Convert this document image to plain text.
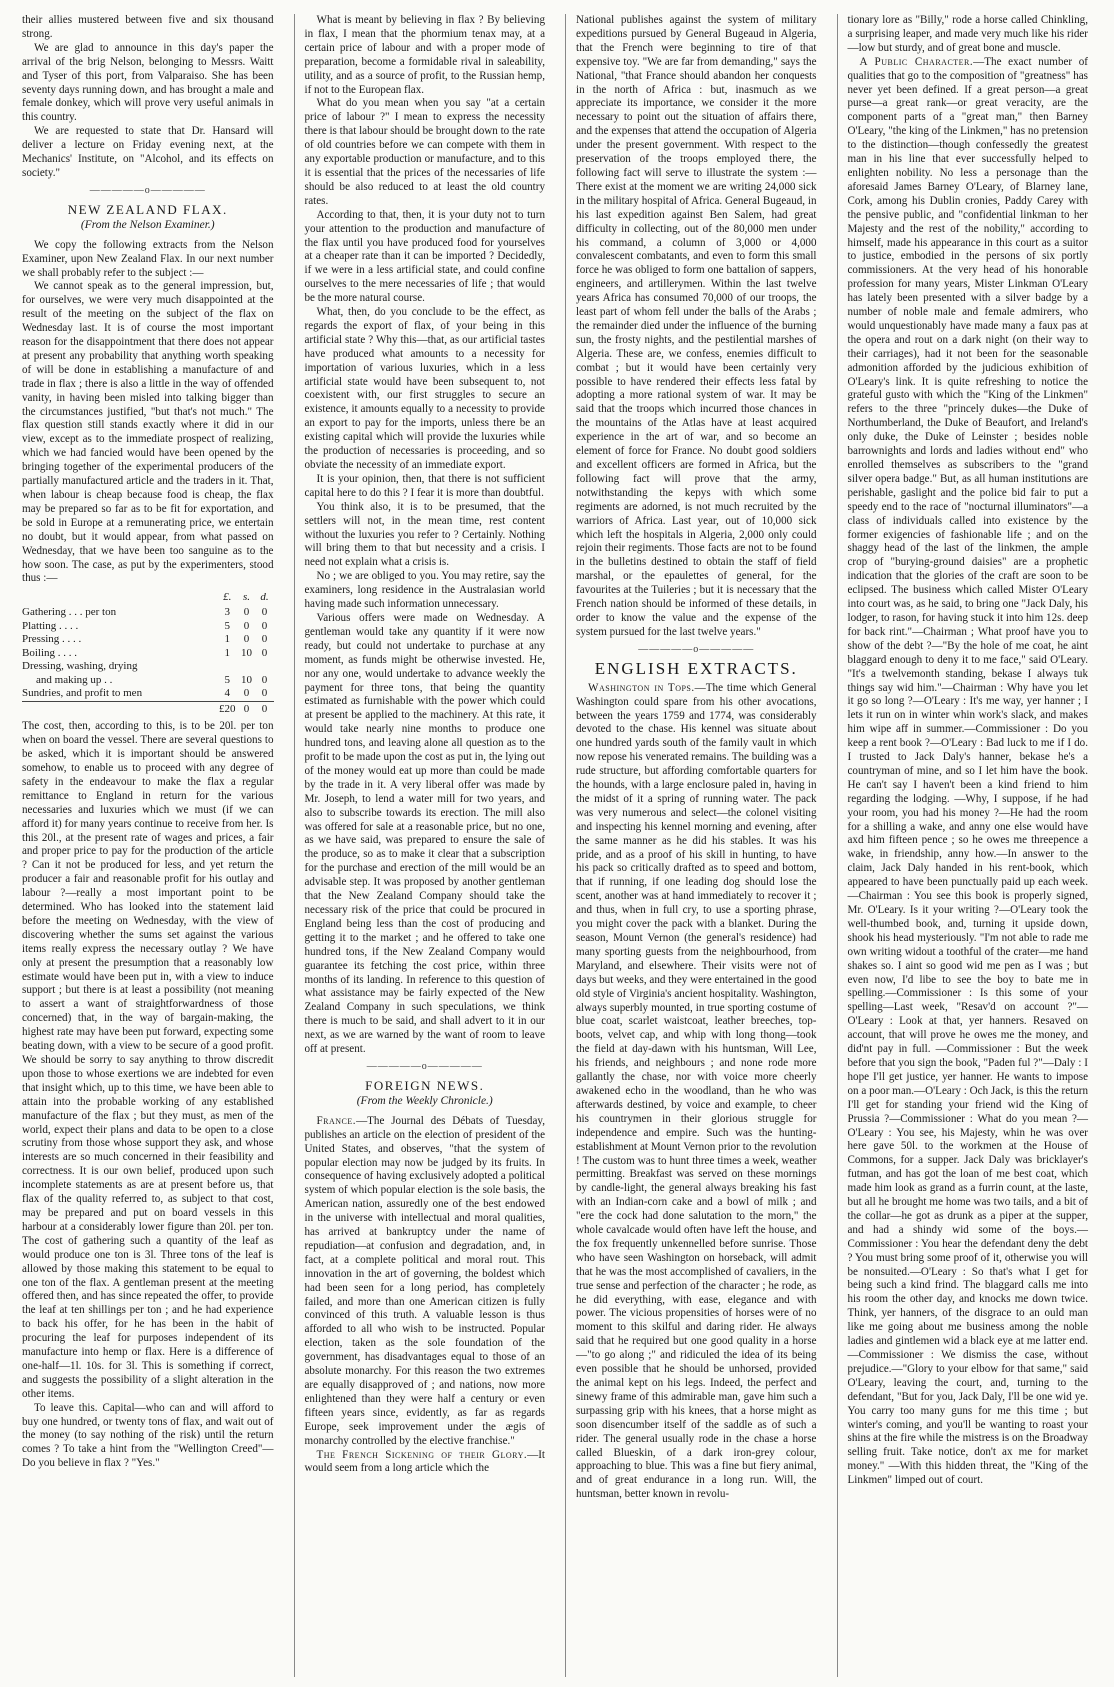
their allies mustered between five and six thousand strong.

We are glad to announce in this day's paper the arrival of the brig Nelson, belonging to Messrs. Waitt and Tyser of this port, from Valparaiso. She has been seventy days running down, and has brought a male and female donkey, which will prove very useful animals in this country.

We are requested to state that Dr. Hansard will deliver a lecture on Friday evening next, at the Mechanics' Institute, on "Alcohol, and its effects on society."

—————o—————
NEW ZEALAND FLAX.
(From the Nelson Examiner.)

We copy the following extracts from the Nelson Examiner, upon New Zealand Flax. In our next number we shall probably refer to the subject :—

We cannot speak as to the general impression, but, for ourselves, we were very much disappointed at the result of the meeting on the subject of the flax on Wednesday last. It is of course the most important reason for the disappointment that there does not appear at present any probability that anything worth speaking of will be done in establishing a manufacture of and trade in flax ; there is also a little in the way of offended vanity, in having been misled into talking bigger than the circumstances justified, "but that's not much." The flax question still stands exactly where it did in our view, except as to the immediate prospect of realizing, which we had fancied would have been opened by the bringing together of the experimental producers of the partially manufactured article and the traders in it. That, when labour is cheap because food is cheap, the flax may be prepared so far as to be fit for exportation, and be sold in Europe at a remunerating price, we entertain no doubt, but it would appear, from what passed on Wednesday, that we have been too sanguine as to the how soon. The case, as put by the experimenters, stood thus :—

	£.	s.	d.
Gathering . . . per ton	3	0	0
Platting . . . .	5	0	0
Pressing . . . .	1	0	0
Boiling . . . .	1	10	0
Dressing, washing, drying			
and making up . .	5	10	0
Sundries, and profit to men	4	0	0
	£20	0	0

The cost, then, according to this, is to be 20l. per ton when on board the vessel. There are several questions to be asked, which it is important should be answered somehow, to enable us to proceed with any degree of safety in the endeavour to make the flax a regular remittance to England in return for the various necessaries and luxuries which we must (if we can afford it) for many years continue to receive from her. Is this 20l., at the present rate of wages and prices, a fair and proper price to pay for the production of the article ? Can it not be produced for less, and yet return the producer a fair and reasonable profit for his outlay and labour ?—really a most important point to be determined. Who has looked into the statement laid before the meeting on Wednesday, with the view of discovering whether the sums set against the various items really express the necessary outlay ? We have only at present the presumption that a reasonably low estimate would have been put in, with a view to induce support ; but there is at least a possibility (not meaning to assert a want of straightforwardness of those concerned) that, in the way of bargain-making, the highest rate may have been put forward, expecting some beating down, with a view to be secure of a good profit. We should be sorry to say anything to throw discredit upon those to whose exertions we are indebted for even that insight which, up to this time, we have been able to attain into the probable working of any established manufacture of the flax ; but they must, as men of the world, expect their plans and data to be open to a close scrutiny from those whose support they ask, and whose interests are so much concerned in their feasibility and correctness. It is our own belief, produced upon such incomplete statements as are at present before us, that flax of the quality referred to, as subject to that cost, may be prepared and put on board vessels in this harbour at a considerably lower figure than 20l. per ton. The cost of gathering such a quantity of the leaf as would produce one ton is 3l. Three tons of the leaf is allowed by those making this statement to be equal to one ton of the flax. A gentleman present at the meeting offered then, and has since repeated the offer, to provide the leaf at ten shillings per ton ; and he had experience to back his offer, for he has been in the habit of procuring the leaf for purposes independent of its manufacture into hemp or flax. Here is a difference of one-half—1l. 10s. for 3l. This is something if correct, and suggests the possibility of a slight alteration in the other items.

To leave this. Capital—who can and will afford to buy one hundred, or twenty tons of flax, and wait out of the money (to say nothing of the risk) until the return comes ? To take a hint from the "Wellington Creed"—Do you believe in flax ? "Yes."

What is meant by believing in flax ? By believing in flax, I mean that the phormium tenax may, at a certain price of labour and with a proper mode of preparation, become a formidable rival in saleability, utility, and as a source of profit, to the Russian hemp, if not to the European flax.

What do you mean when you say "at a certain price of labour ?" I mean to express the necessity there is that labour should be brought down to the rate of old countries before we can compete with them in any exportable production or manufacture, and to this it is essential that the prices of the necessaries of life should be also reduced to at least the old country rates.

According to that, then, it is your duty not to turn your attention to the production and manufacture of the flax until you have produced food for yourselves at a cheaper rate than it can be imported ? Decidedly, if we were in a less artificial state, and could confine ourselves to the mere necessaries of life ; that would be the more natural course.

What, then, do you conclude to be the effect, as regards the export of flax, of your being in this artificial state ? Why this—that, as our artificial tastes have produced what amounts to a necessity for importation of various luxuries, which in a less artificial state would have been subsequent to, not coexistent with, our first struggles to secure an existence, it amounts equally to a necessity to provide an export to pay for the imports, unless there be an existing capital which will provide the luxuries while the production of necessaries is proceeding, and so obviate the necessity of an immediate export.

It is your opinion, then, that there is not sufficient capital here to do this ? I fear it is more than doubtful.

You think also, it is to be presumed, that the settlers will not, in the mean time, rest content without the luxuries you refer to ? Certainly. Nothing will bring them to that but necessity and a crisis. I need not explain what a crisis is.

No ; we are obliged to you. You may retire, say the examiners, long residence in the Australasian world having made such information unnecessary.

Various offers were made on Wednesday. A gentleman would take any quantity if it were now ready, but could not undertake to purchase at any moment, as funds might be otherwise invested. He, nor any one, would undertake to advance weekly the payment for three tons, that being the quantity estimated as furnishable with the power which could at present be applied to the machinery. At this rate, it would take nearly nine months to produce one hundred tons, and leaving alone all question as to the profit to be made upon the cost as put in, the lying out of the money would eat up more than could be made by the trade in it. A very liberal offer was made by Mr. Joseph, to lend a water mill for two years, and also to subscribe towards its erection. The mill also was offered for sale at a reasonable price, but no one, as we have said, was prepared to ensure the sale of the produce, so as to make it clear that a subscription for the purchase and erection of the mill would be an advisable step. It was proposed by another gentleman that the New Zealand Company should take the necessary risk of the price that could be procured in England being less than the cost of producing and getting it to the market ; and he offered to take one hundred tons, if the New Zealand Company would guarantee its fetching the cost price, within three months of its landing. In reference to this question of what assistance may be fairly expected of the New Zealand Company in such speculations, we think there is much to be said, and shall advert to it in our next, as we are warned by the want of room to leave off at present.

—————o—————
FOREIGN NEWS.
(From the Weekly Chronicle.)

France.—The Journal des Débats of Tuesday, publishes an article on the election of president of the United States, and observes, "that the system of popular election may now be judged by its fruits. In consequence of having exclusively adopted a political system of which popular election is the sole basis, the American nation, assuredly one of the best endowed in the universe with intellectual and moral qualities, has arrived at bankruptcy under the name of repudiation—at confusion and degradation, and, in fact, at a complete political and moral rout. This innovation in the art of governing, the boldest which had been seen for a long period, has completely failed, and more than one American citizen is fully convinced of this truth. A valuable lesson is thus afforded to all who wish to be instructed. Popular election, taken as the sole foundation of the government, has disadvantages equal to those of an absolute monarchy. For this reason the two extremes are equally disapproved of ; and nations, now more enlightened than they were half a century or even fifteen years since, evidently, as far as regards Europe, seek improvement under the ægis of monarchy controlled by the elective franchise."

The French Sickening of their Glory.—It would seem from a long article which the

National publishes against the system of military expeditions pursued by General Bugeaud in Algeria, that the French were beginning to tire of that expensive toy. "We are far from demanding," says the National, "that France should abandon her conquests in the north of Africa : but, inasmuch as we appreciate its importance, we consider it the more necessary to point out the situation of affairs there, and the expenses that attend the occupation of Algeria under the present government. With respect to the preservation of the troops employed there, the following fact will serve to illustrate the system :—There exist at the moment we are writing 24,000 sick in the military hospital of Africa. General Bugeaud, in his last expedition against Ben Salem, had great difficulty in collecting, out of the 80,000 men under his command, a column of 3,000 or 4,000 convalescent combatants, and even to form this small force he was obliged to form one battalion of sappers, engineers, and artillerymen. Within the last twelve years Africa has consumed 70,000 of our troops, the least part of whom fell under the balls of the Arabs ; the remainder died under the influence of the burning sun, the frosty nights, and the pestilential marshes of Algeria. These are, we confess, enemies difficult to combat ; but it would have been certainly very possible to have rendered their effects less fatal by adopting a more rational system of war. It may be said that the troops which incurred those chances in the mountains of the Atlas have at least acquired experience in the art of war, and so become an element of force for France. No doubt good soldiers and excellent officers are formed in Africa, but the following fact will prove that the army, notwithstanding the kepys with which some regiments are adorned, is not much recruited by the warriors of Africa. Last year, out of 10,000 sick which left the hospitals in Algeria, 2,000 only could rejoin their regiments. Those facts are not to be found in the bulletins destined to obtain the staff of field marshal, or the epaulettes of general, for the favourites at the Tuileries ; but it is necessary that the French nation should be informed of these details, in order to know the value and the expense of the system pursued for the last twelve years."

—————o—————
ENGLISH EXTRACTS.

Washington in Tops.—The time which General Washington could spare from his other avocations, between the years 1759 and 1774, was considerably devoted to the chase. His kennel was situate about one hundred yards south of the family vault in which now repose his venerated remains. The building was a rude structure, but affording comfortable quarters for the hounds, with a large enclosure paled in, having in the midst of it a spring of running water. The pack was very numerous and select—the colonel visiting and inspecting his kennel morning and evening, after the same manner as he did his stables. It was his pride, and as a proof of his skill in hunting, to have his pack so critically drafted as to speed and bottom, that if running, if one leading dog should lose the scent, another was at hand immediately to recover it ; and thus, when in full cry, to use a sporting phrase, you might cover the pack with a blanket. During the season, Mount Vernon (the general's residence) had many sporting guests from the neighbourhood, from Maryland, and elsewhere. Their visits were not of days but weeks, and they were entertained in the good old style of Virginia's ancient hospitality. Washington, always superbly mounted, in true sporting costume of blue coat, scarlet waistcoat, leather breeches, top-boots, velvet cap, and whip with long thong—took the field at day-dawn with his huntsman, Will Lee, his friends, and neighbours ; and none rode more gallantly the chase, nor with voice more cheerly awakened echo in the woodland, than he who was afterwards destined, by voice and example, to cheer his countrymen in their glorious struggle for independence and empire. Such was the hunting-establishment at Mount Vernon prior to the revolution ! The custom was to hunt three times a week, weather permitting. Breakfast was served on these mornings by candle-light, the general always breaking his fast with an Indian-corn cake and a bowl of milk ; and "ere the cock had done salutation to the morn," the whole cavalcade would often have left the house, and the fox frequently unkennelled before sunrise. Those who have seen Washington on horseback, will admit that he was the most accomplished of cavaliers, in the true sense and perfection of the character ; he rode, as he did everything, with ease, elegance and with power. The vicious propensities of horses were of no moment to this skilful and daring rider. He always said that he required but one good quality in a horse—"to go along ;" and ridiculed the idea of its being even possible that he should be unhorsed, provided the animal kept on his legs. Indeed, the perfect and sinewy frame of this admirable man, gave him such a surpassing grip with his knees, that a horse might as soon disencumber itself of the saddle as of such a rider. The general usually rode in the chase a horse called Blueskin, of a dark iron-grey colour, approaching to blue. This was a fine but fiery animal, and of great endurance in a long run. Will, the huntsman, better known in revolu-

tionary lore as "Billy," rode a horse called Chinkling, a surprising leaper, and made very much like his rider—low but sturdy, and of great bone and muscle.

A Public Character.—The exact number of qualities that go to the composition of "greatness" has never yet been defined. If a great person—a great purse—a great rank—or great veracity, are the component parts of a "great man," then Barney O'Leary, "the king of the Linkmen," has no pretension to the distinction—though confessedly the greatest man in his line that ever successfully helped to enlighten nobility. No less a personage than the aforesaid James Barney O'Leary, of Blarney lane, Cork, among his Dublin cronies, Paddy Carey with the pensive public, and "confidential linkman to her Majesty and the rest of the nobility," according to himself, made his appearance in this court as a suitor to justice, embodied in the persons of six portly commissioners. At the very head of his honorable profession for many years, Mister Linkman O'Leary has lately been presented with a silver badge by a number of noble male and female admirers, who would unquestionably have made many a faux pas at the opera and rout on a dark night (on their way to their carriages), had it not been for the seasonable admonition afforded by the judicious exhibition of O'Leary's link. It is quite refreshing to notice the grateful gusto with which the "King of the Linkmen" refers to the three "princely dukes—the Duke of Northumberland, the Duke of Beaufort, and Ireland's only duke, the Duke of Leinster ; besides noble barrownights and lords and ladies without end" who enrolled themselves as subscribers to the "grand silver opera badge." But, as all human institutions are perishable, gaslight and the police bid fair to put a speedy end to the race of "nocturnal illuminators"—a class of individuals called into existence by the former exigencies of fashionable life ; and on the shaggy head of the last of the linkmen, the ample crop of "burying-ground daisies" are a prophetic indication that the glories of the craft are soon to be eclipsed. The business which called Mister O'Leary into court was, as he said, to bring one "Jack Daly, his lodger, to rason, for having stuck it into him 12s. deep for back rint."—Chairman ; What proof have you to show of the debt ?—"By the hole of me coat, he aint blaggard enough to deny it to me face," said O'Leary. "It's a twelvemonth standing, bekase I always tuk things say wid him."—Chairman : Why have you let it go so long ?—O'Leary : It's me way, yer hanner ; I lets it run on in winter whin work's slack, and makes him wipe aff in summer.—Commissioner : Do you keep a rent book ?—O'Leary : Bad luck to me if I do. I trusted to Jack Daly's hanner, bekase he's a countryman of mine, and so I let him have the book. He can't say I haven't been a kind friend to him regarding the lodging. —Why, I suppose, if he had your room, you had his money ?—He had the room for a shilling a wake, and anny one else would have axd him fifteen pence ; so he owes me threepence a wake, in friendship, anny how.—In answer to the claim, Jack Daly handed in his rent-book, which appeared to have been punctually paid up each week.—Chairman : You see this book is properly signed, Mr. O'Leary. Is it your writing ?—O'Leary took the well-thumbed book, and, turning it upside down, shook his head mysteriously. "I'm not able to rade me own writing widout a toothful of the crater—me hand shakes so. I aint so good wid me pen as I was ; but even now, I'd libe to see the boy to bate me in spelling.—Commissioner : Is this some of your spelling—Last week, "Resav'd on account ?"—O'Leary : Look at that, yer hanners. Resaved on account, that will prove he owes me the money, and did'nt pay in full. —Commissioner : But the week before that you sign the book, "Paden ful ?"—Daly : I hope I'll get justice, yer hanner. He wants to impose on a poor man.—O'Leary : Och Jack, is this the return I'll get for standing your friend wid the King of Prussia ?—Commissioner : What do you mean ?—O'Leary : You see, his Majesty, whin he was over here gave 50l. to the workmen at the House of Commons, for a supper. Jack Daly was bricklayer's futman, and has got the loan of me best coat, which made him look as grand as a furrin count, at the laste, but all he brought me home was two tails, and a bit of the collar—he got as drunk as a piper at the supper, and had a shindy wid some of the boys.—Commissioner : You hear the defendant deny the debt ? You must bring some proof of it, otherwise you will be nonsuited.—O'Leary : So that's what I get for being such a kind frind. The blaggard calls me into his room the other day, and knocks me down twice. Think, yer hanners, of the disgrace to an ould man like me going about me business among the noble ladies and gintlemen wid a black eye at me latter end.—Commissioner : We dismiss the case, without prejudice.—"Glory to your elbow for that same," said O'Leary, leaving the court, and, turning to the defendant, "But for you, Jack Daly, I'll be one wid ye. You carry too many guns for me this time ; but winter's coming, and you'll be wanting to roast your shins at the fire while the mistress is on the Broadway selling fruit. Take notice, don't ax me for market money." —With this hidden threat, the "King of the Linkmen" limped out of court.
